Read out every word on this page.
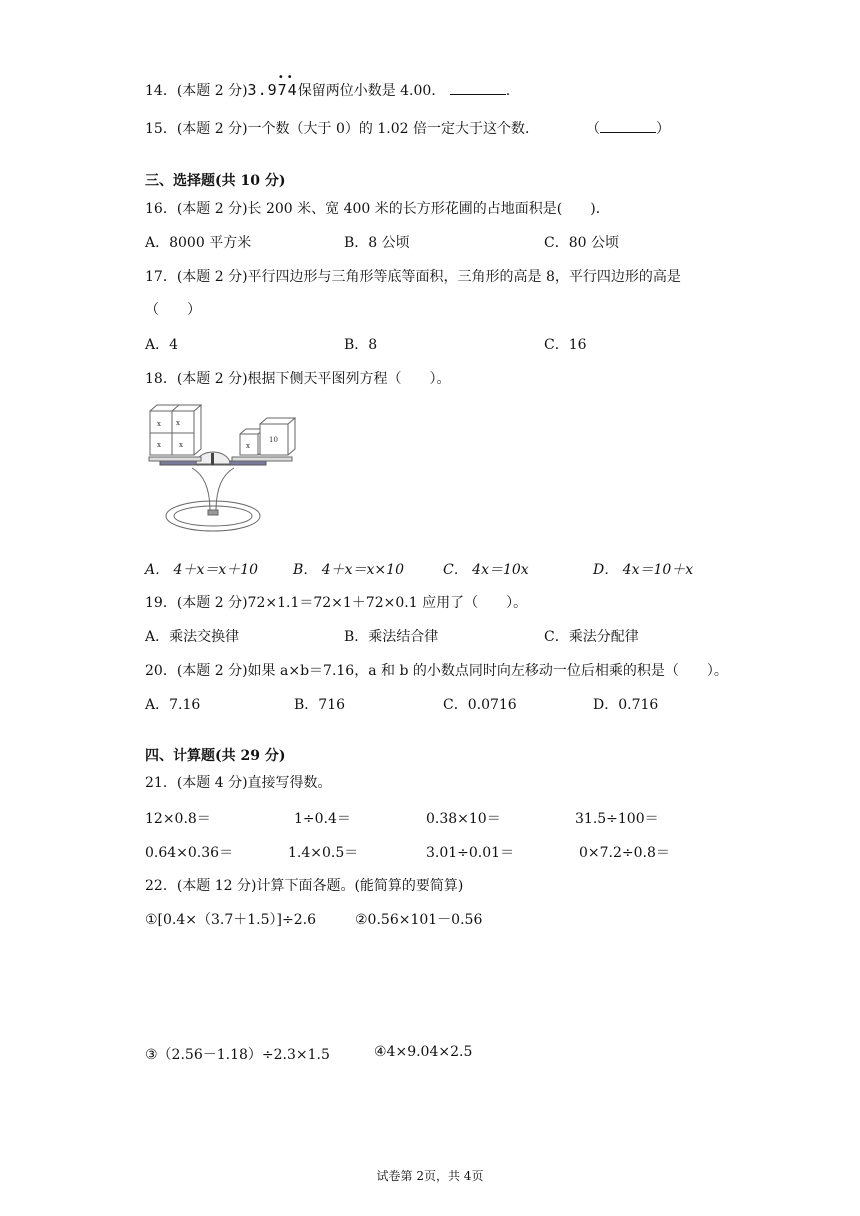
14．(本题 2 分)
••
3.974保留两位小数是 4.00．	.
15．(本题 2 分)一个数（大于 0）的 1.02 倍一定大于这个数．	（	）
三、选择题(共 10 分)
16．(本题 2 分)长 200 米、宽 400 米的长方形花圃的占地面积是(　　)．
A．8000 平方米	B．8 公顷	C．80 公顷
17．(本题 2 分)平行四边形与三角形等底等面积，三角形的高是 8，平行四边形的高是
（　　）
A．4	B．8	C．16
18．(本题 2 分)根据下侧天平图列方程（　　）。
x	x
x x
x
10
A． 4＋x＝x＋10 B． 4＋x＝x×10	C． 4x＝10x	D． 4x＝10＋x
19．(本题 2 分)72×1.1＝72×1＋72×0.1 应用了（　　）。
A．乘法交换律	B．乘法结合律	C．乘法分配律
20．(本题 2 分)如果 a×b＝7.16，a 和 b 的小数点同时向左移动一位后相乘的积是（　　）。
A．7.16	B．716	C．0.0716	D．0.716
四、计算题(共 29 分)
21．(本题 4 分)直接写得数。
12×0.8＝	1÷0.4＝	0.38×10＝	31.5÷100＝
0.64×0.36＝	1.4×0.5＝	3.01÷0.01＝	0×7.2÷0.8＝
22．(本题 12 分)计算下面各题。(能简算的要简算)
①[0.4×（3.7＋1.5）]÷2.6	②0.56×101－0.56
③（2.56－1.18）÷2.3×1.5	④4×9.04×2.5
试卷第 2页，共 4页
